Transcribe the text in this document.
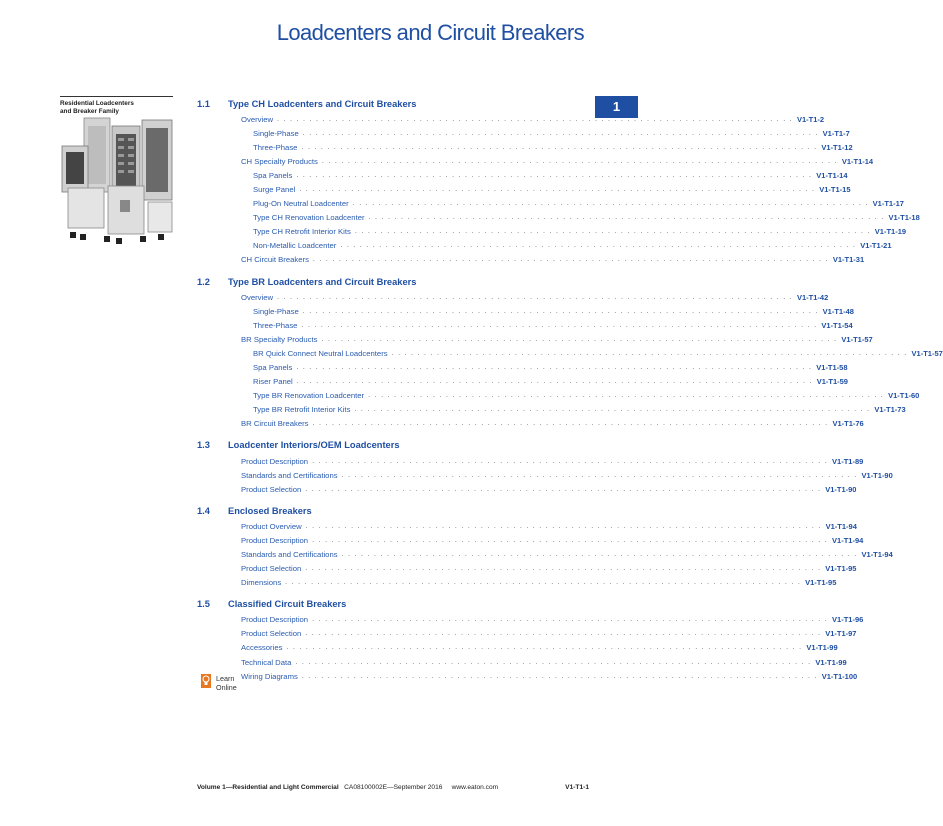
Loadcenters and Circuit Breakers
Residential Loadcenters
and Breaker Family	1
1.1	Type CH Loadcenters and Circuit Breakers
Overview . . . . . . . . . . . . . . . . . . . . . . . . . . . . . . . . . . . . . . . . . . . . . . . . . . . . . . . . . . . . . . . . . . . . . . . . . . . . . . . . V1-T1-2
Single-Phase . . . . . . . . . . . . . . . . . . . . . . . . . . . . . . . . . . . . . . . . . . . . . . . . . . . . . . . . . . . . . . . . . . . . . . . . . . . . . . . . V1-T1-7
Three-Phase . . . . . . . . . . . . . . . . . . . . . . . . . . . . . . . . . . . . . . . . . . . . . . . . . . . . . . . . . . . . . . . . . . . . . . . . . . . . . . . . V1-T1-12
CH Specialty Products . . . . . . . . . . . . . . . . . . . . . . . . . . . . . . . . . . . . . . . . . . . . . . . . . . . . . . . . . . . . . . . . . . . . . . . . . . . . . . . . V1-T1-14
Spa Panels . . . . . . . . . . . . . . . . . . . . . . . . . . . . . . . . . . . . . . . . . . . . . . . . . . . . . . . . . . . . . . . . . . . . . . . . . . . . . . . . V1-T1-14
Surge Panel . . . . . . . . . . . . . . . . . . . . . . . . . . . . . . . . . . . . . . . . . . . . . . . . . . . . . . . . . . . . . . . . . . . . . . . . . . . . . . . . V1-T1-15
Plug-On Neutral Loadcenter . . . . . . . . . . . . . . . . . . . . . . . . . . . . . . . . . . . . . . . . . . . . . . . . . . . . . . . . . . . . . . . . . . . . . . . . . . . . . . . . V1-T1-17
Type CH Renovation Loadcenter . . . . . . . . . . . . . . . . . . . . . . . . . . . . . . . . . . . . . . . . . . . . . . . . . . . . . . . . . . . . . . . . . . . . . . . . . . . . . . . . V1-T1-18
Type CH Retrofit Interior Kits . . . . . . . . . . . . . . . . . . . . . . . . . . . . . . . . . . . . . . . . . . . . . . . . . . . . . . . . . . . . . . . . . . . . . . . . . . . . . . . . V1-T1-19
Non-Metallic Loadcenter . . . . . . . . . . . . . . . . . . . . . . . . . . . . . . . . . . . . . . . . . . . . . . . . . . . . . . . . . . . . . . . . . . . . . . . . . . . . . . . . V1-T1-21
CH Circuit Breakers . . . . . . . . . . . . . . . . . . . . . . . . . . . . . . . . . . . . . . . . . . . . . . . . . . . . . . . . . . . . . . . . . . . . . . . . . . . . . . . . V1-T1-31
1.2	Type BR Loadcenters and Circuit Breakers
Overview . . . . . . . . . . . . . . . . . . . . . . . . . . . . . . . . . . . . . . . . . . . . . . . . . . . . . . . . . . . . . . . . . . . . . . . . . . . . . . . . V1-T1-42
Single-Phase . . . . . . . . . . . . . . . . . . . . . . . . . . . . . . . . . . . . . . . . . . . . . . . . . . . . . . . . . . . . . . . . . . . . . . . . . . . . . . . . V1-T1-48
Three-Phase . . . . . . . . . . . . . . . . . . . . . . . . . . . . . . . . . . . . . . . . . . . . . . . . . . . . . . . . . . . . . . . . . . . . . . . . . . . . . . . . V1-T1-54
BR Specialty Products . . . . . . . . . . . . . . . . . . . . . . . . . . . . . . . . . . . . . . . . . . . . . . . . . . . . . . . . . . . . . . . . . . . . . . . . . . . . . . . . V1-T1-57
BR Quick Connect Neutral Loadcenters . . . . . . . . . . . . . . . . . . . . . . . . . . . . . . . . . . . . . . . . . . . . . . . . . . . . . . . . . . . . . . . . . . . . . . . . . . . . . . . . V1-T1-57
Spa Panels . . . . . . . . . . . . . . . . . . . . . . . . . . . . . . . . . . . . . . . . . . . . . . . . . . . . . . . . . . . . . . . . . . . . . . . . . . . . . . . . V1-T1-58
Riser Panel . . . . . . . . . . . . . . . . . . . . . . . . . . . . . . . . . . . . . . . . . . . . . . . . . . . . . . . . . . . . . . . . . . . . . . . . . . . . . . . . V1-T1-59
Type BR Renovation Loadcenter . . . . . . . . . . . . . . . . . . . . . . . . . . . . . . . . . . . . . . . . . . . . . . . . . . . . . . . . . . . . . . . . . . . . . . . . . . . . . . . . V1-T1-60
Type BR Retrofit Interior Kits . . . . . . . . . . . . . . . . . . . . . . . . . . . . . . . . . . . . . . . . . . . . . . . . . . . . . . . . . . . . . . . . . . . . . . . . . . . . . . . . V1-T1-73
BR Circuit Breakers . . . . . . . . . . . . . . . . . . . . . . . . . . . . . . . . . . . . . . . . . . . . . . . . . . . . . . . . . . . . . . . . . . . . . . . . . . . . . . . . V1-T1-76
1.3	Loadcenter Interiors/OEM Loadcenters
Product Description . . . . . . . . . . . . . . . . . . . . . . . . . . . . . . . . . . . . . . . . . . . . . . . . . . . . . . . . . . . . . . . . . . . . . . . . . . . . . . . . V1-T1-89
Standards and Certifications . . . . . . . . . . . . . . . . . . . . . . . . . . . . . . . . . . . . . . . . . . . . . . . . . . . . . . . . . . . . . . . . . . . . . . . . . . . . . . . . V1-T1-90
Product Selection . . . . . . . . . . . . . . . . . . . . . . . . . . . . . . . . . . . . . . . . . . . . . . . . . . . . . . . . . . . . . . . . . . . . . . . . . . . . . . . . V1-T1-90
1.4	Enclosed Breakers
Product Overview . . . . . . . . . . . . . . . . . . . . . . . . . . . . . . . . . . . . . . . . . . . . . . . . . . . . . . . . . . . . . . . . . . . . . . . . . . . . . . . . V1-T1-94
Product Description . . . . . . . . . . . . . . . . . . . . . . . . . . . . . . . . . . . . . . . . . . . . . . . . . . . . . . . . . . . . . . . . . . . . . . . . . . . . . . . . V1-T1-94
Standards and Certifications . . . . . . . . . . . . . . . . . . . . . . . . . . . . . . . . . . . . . . . . . . . . . . . . . . . . . . . . . . . . . . . . . . . . . . . . . . . . . . . . V1-T1-94
Product Selection . . . . . . . . . . . . . . . . . . . . . . . . . . . . . . . . . . . . . . . . . . . . . . . . . . . . . . . . . . . . . . . . . . . . . . . . . . . . . . . . V1-T1-95
Dimensions . . . . . . . . . . . . . . . . . . . . . . . . . . . . . . . . . . . . . . . . . . . . . . . . . . . . . . . . . . . . . . . . . . . . . . . . . . . . . . . . V1-T1-95
1.5	Classified Circuit Breakers
Product Description . . . . . . . . . . . . . . . . . . . . . . . . . . . . . . . . . . . . . . . . . . . . . . . . . . . . . . . . . . . . . . . . . . . . . . . . . . . . . . . . V1-T1-96
Product Selection . . . . . . . . . . . . . . . . . . . . . . . . . . . . . . . . . . . . . . . . . . . . . . . . . . . . . . . . . . . . . . . . . . . . . . . . . . . . . . . . V1-T1-97
Accessories . . . . . . . . . . . . . . . . . . . . . . . . . . . . . . . . . . . . . . . . . . . . . . . . . . . . . . . . . . . . . . . . . . . . . . . . . . . . . . . . V1-T1-99
Technical Data . . . . . . . . . . . . . . . . . . . . . . . . . . . . . . . . . . . . . . . . . . . . . . . . . . . . . . . . . . . . . . . . . . . . . . . . . . . . . . . . V1-T1-99
Wiring Diagrams . . . . . . . . . . . . . . . . . . . . . . . . . . . . . . . . . . . . . . . . . . . . . . . . . . . . . . . . . . . . . . . . . . . . . . . . . . . . . . . . V1-T1-100
Learn
Online
Volume 1—Residential and Light Commercial CA08100002E—September 2016 www.eaton.com	V1-T1-1
